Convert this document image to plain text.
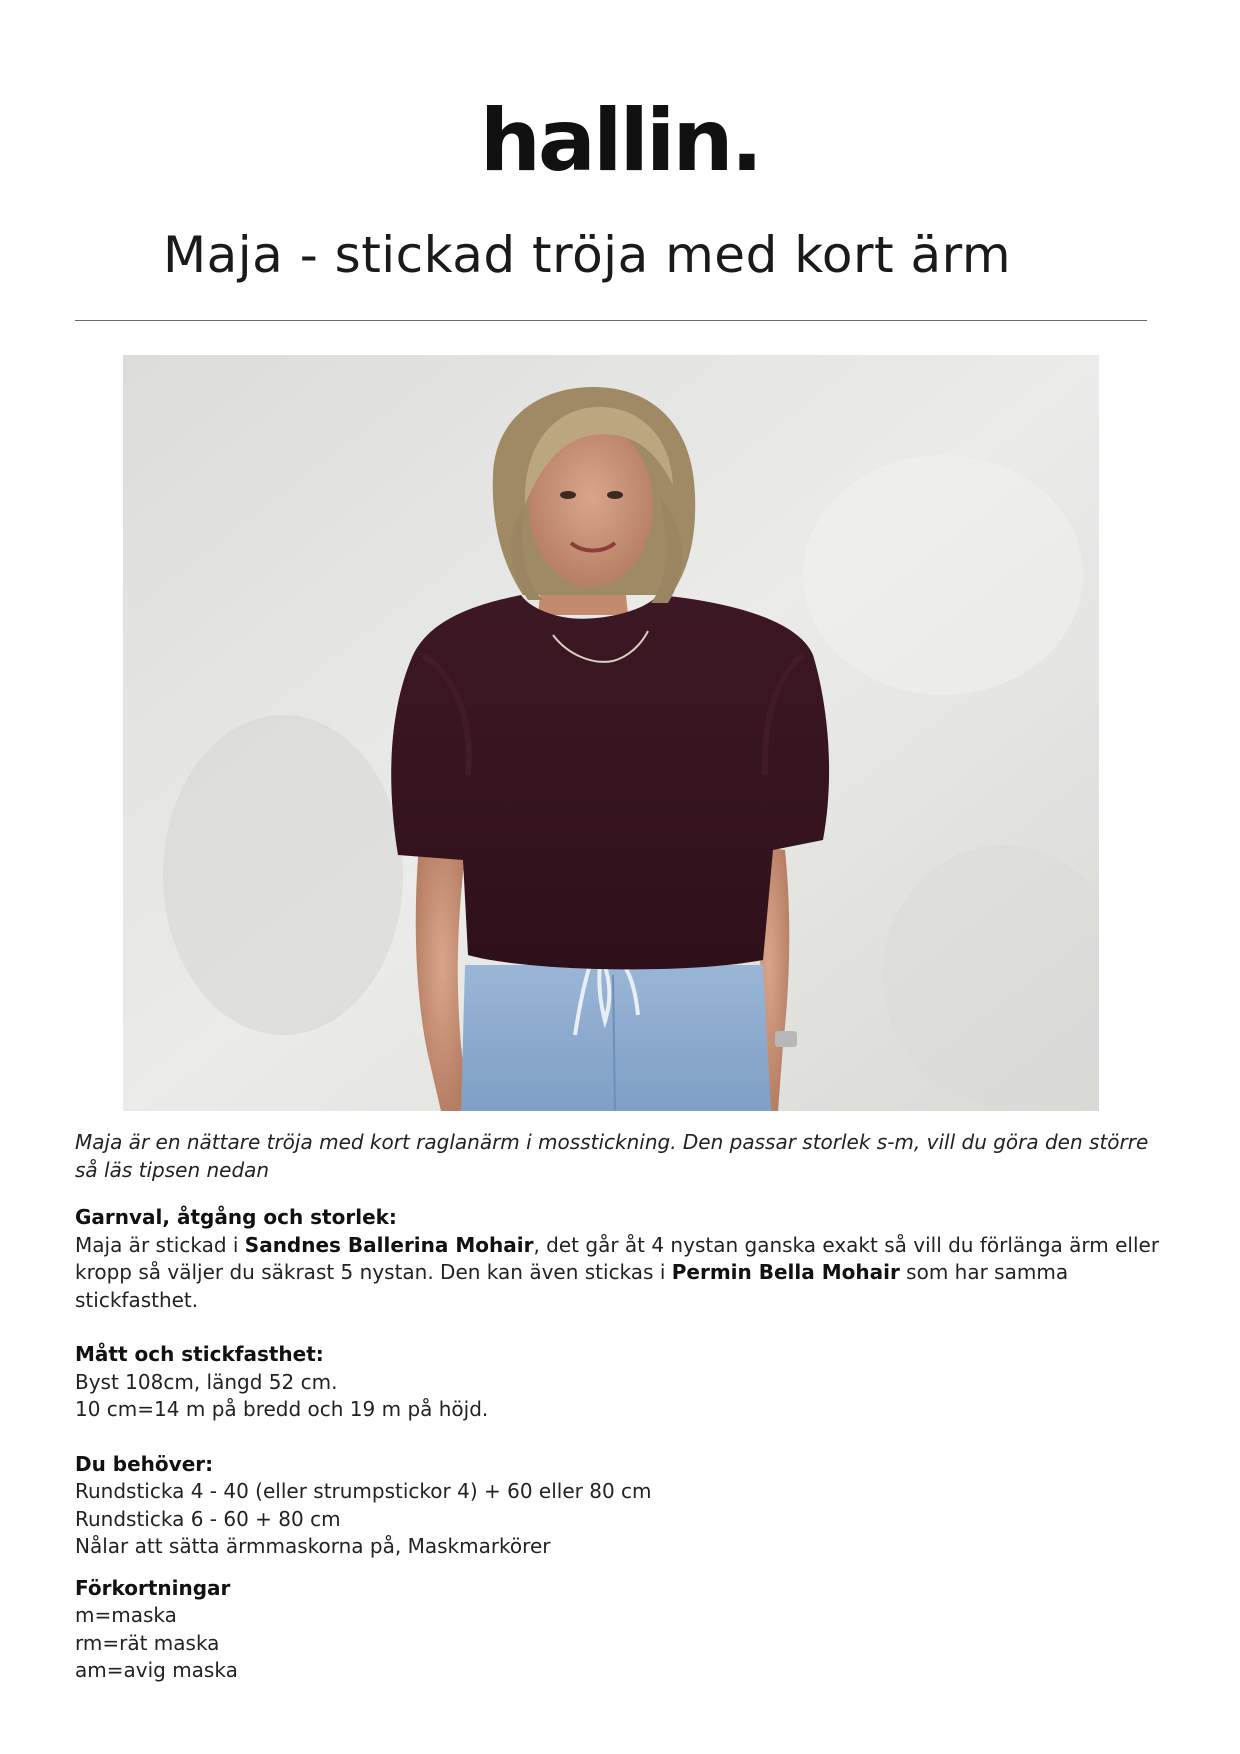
hallin.
Maja - stickad tröja med kort ärm
Maja är en nättare tröja med kort raglanärm i mosstickning. Den passar storlek s-m, vill du göra den större så läs tipsen nedan
Garnval, åtgång och storlek:
Maja är stickad i Sandnes Ballerina Mohair, det går åt 4 nystan ganska exakt så vill du förlänga ärm eller kropp så väljer du säkrast 5 nystan. Den kan även stickas i Permin Bella Mohair som har samma stickfasthet.
Mått och stickfasthet:
Byst 108cm, längd 52 cm.
10 cm=14 m på bredd och 19 m på höjd.
Du behöver:
Rundsticka 4 - 40 (eller strumpstickor 4) + 60 eller 80 cm
Rundsticka 6 - 60 + 80 cm
Nålar att sätta ärmmaskorna på, Maskmarkörer
Förkortningar
m=maska
rm=rät maska
am=avig maska
